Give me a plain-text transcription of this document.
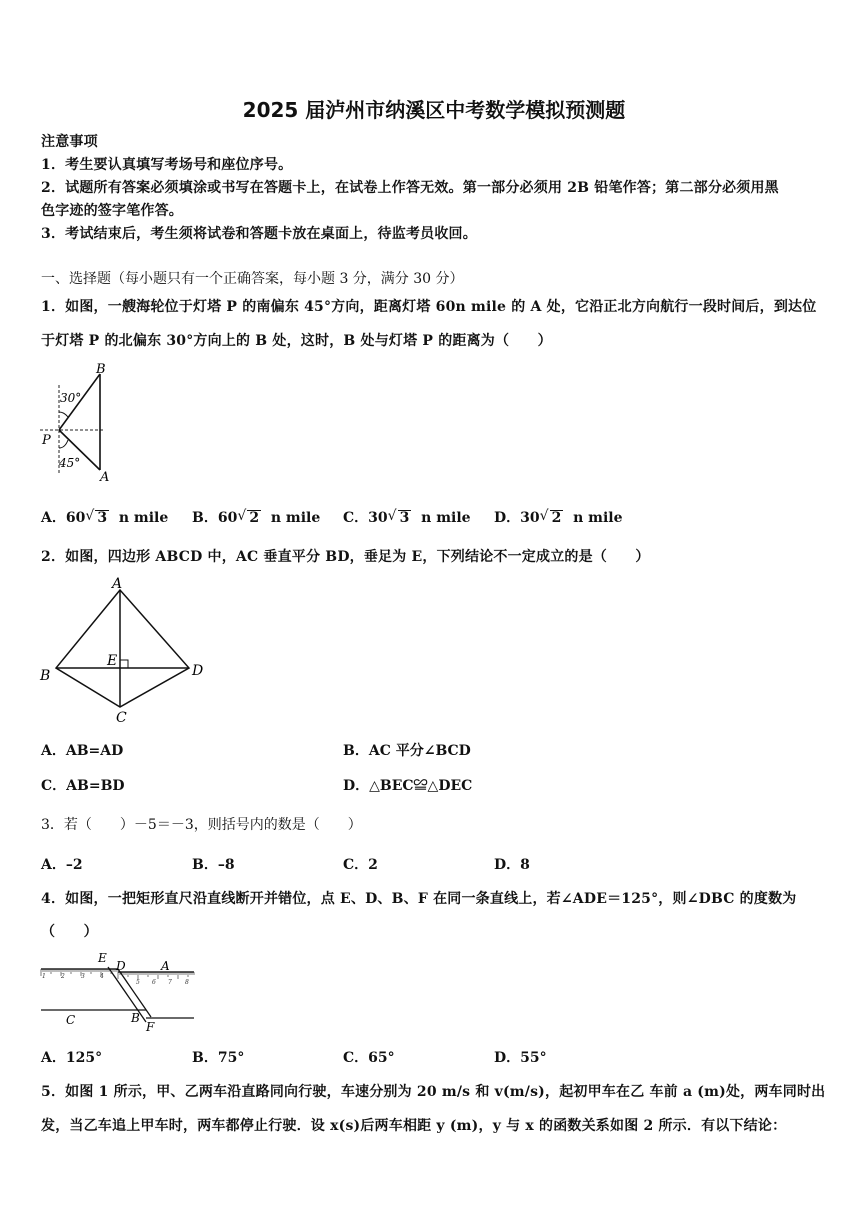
2025 届泸州市纳溪区中考数学模拟预测题
注意事项
1．考生要认真填写考场号和座位序号。
2．试题所有答案必须填涂或书写在答题卡上，在试卷上作答无效。第一部分必须用 2B 铅笔作答；第二部分必须用黑
色字迹的签字笔作答。
3．考试结束后，考生须将试卷和答题卡放在桌面上，待监考员收回。
一、选择题（每小题只有一个正确答案，每小题 3 分，满分 30 分）
1．如图，一艘海轮位于灯塔 P 的南偏东 45°方向，距离灯塔 60n mile 的 A 处，它沿正北方向航行一段时间后，到达位
于灯塔 P 的北偏东 30°方向上的 B 处，这时，B 处与灯塔 P 的距离为（　　）
B
P
A
30°
45°
A．60 √ 3 n mile B．60 √ 2 n mile C．30 √ 3 n mile D．30 √ 2 n mile
2．如图，四边形 ABCD 中，AC 垂直平分 BD，垂足为 E，下列结论不一定成立的是（　　）
A
B
C
D
E
A．AB=AD	B．AC 平分∠BCD
C．AB=BD	D．△BEC≌△DEC
3．若（　　）－5＝－3，则括号内的数是（　　）
A．–2	B．–8	C．2	D．8
4．如图，一把矩形直尺沿直线断开并错位，点 E、D、B、F 在同一条直线上，若∠ADE＝125°，则∠DBC 的度数为
（　　）
1	2	3	4
5 6 7 8
E
D	A
C	B
F
A．125°	B．75°	C．65°	D．55°
5．如图 1 所示，甲、乙两车沿直路同向行驶，车速分别为 20 m/s 和 v(m/s)，起初甲车在乙 车前 a (m)处，两车同时出
发，当乙车追上甲车时，两车都停止行驶．设 x(s)后两车相距 y (m)，y 与 x 的函数关系如图 2 所示．有以下结论：
